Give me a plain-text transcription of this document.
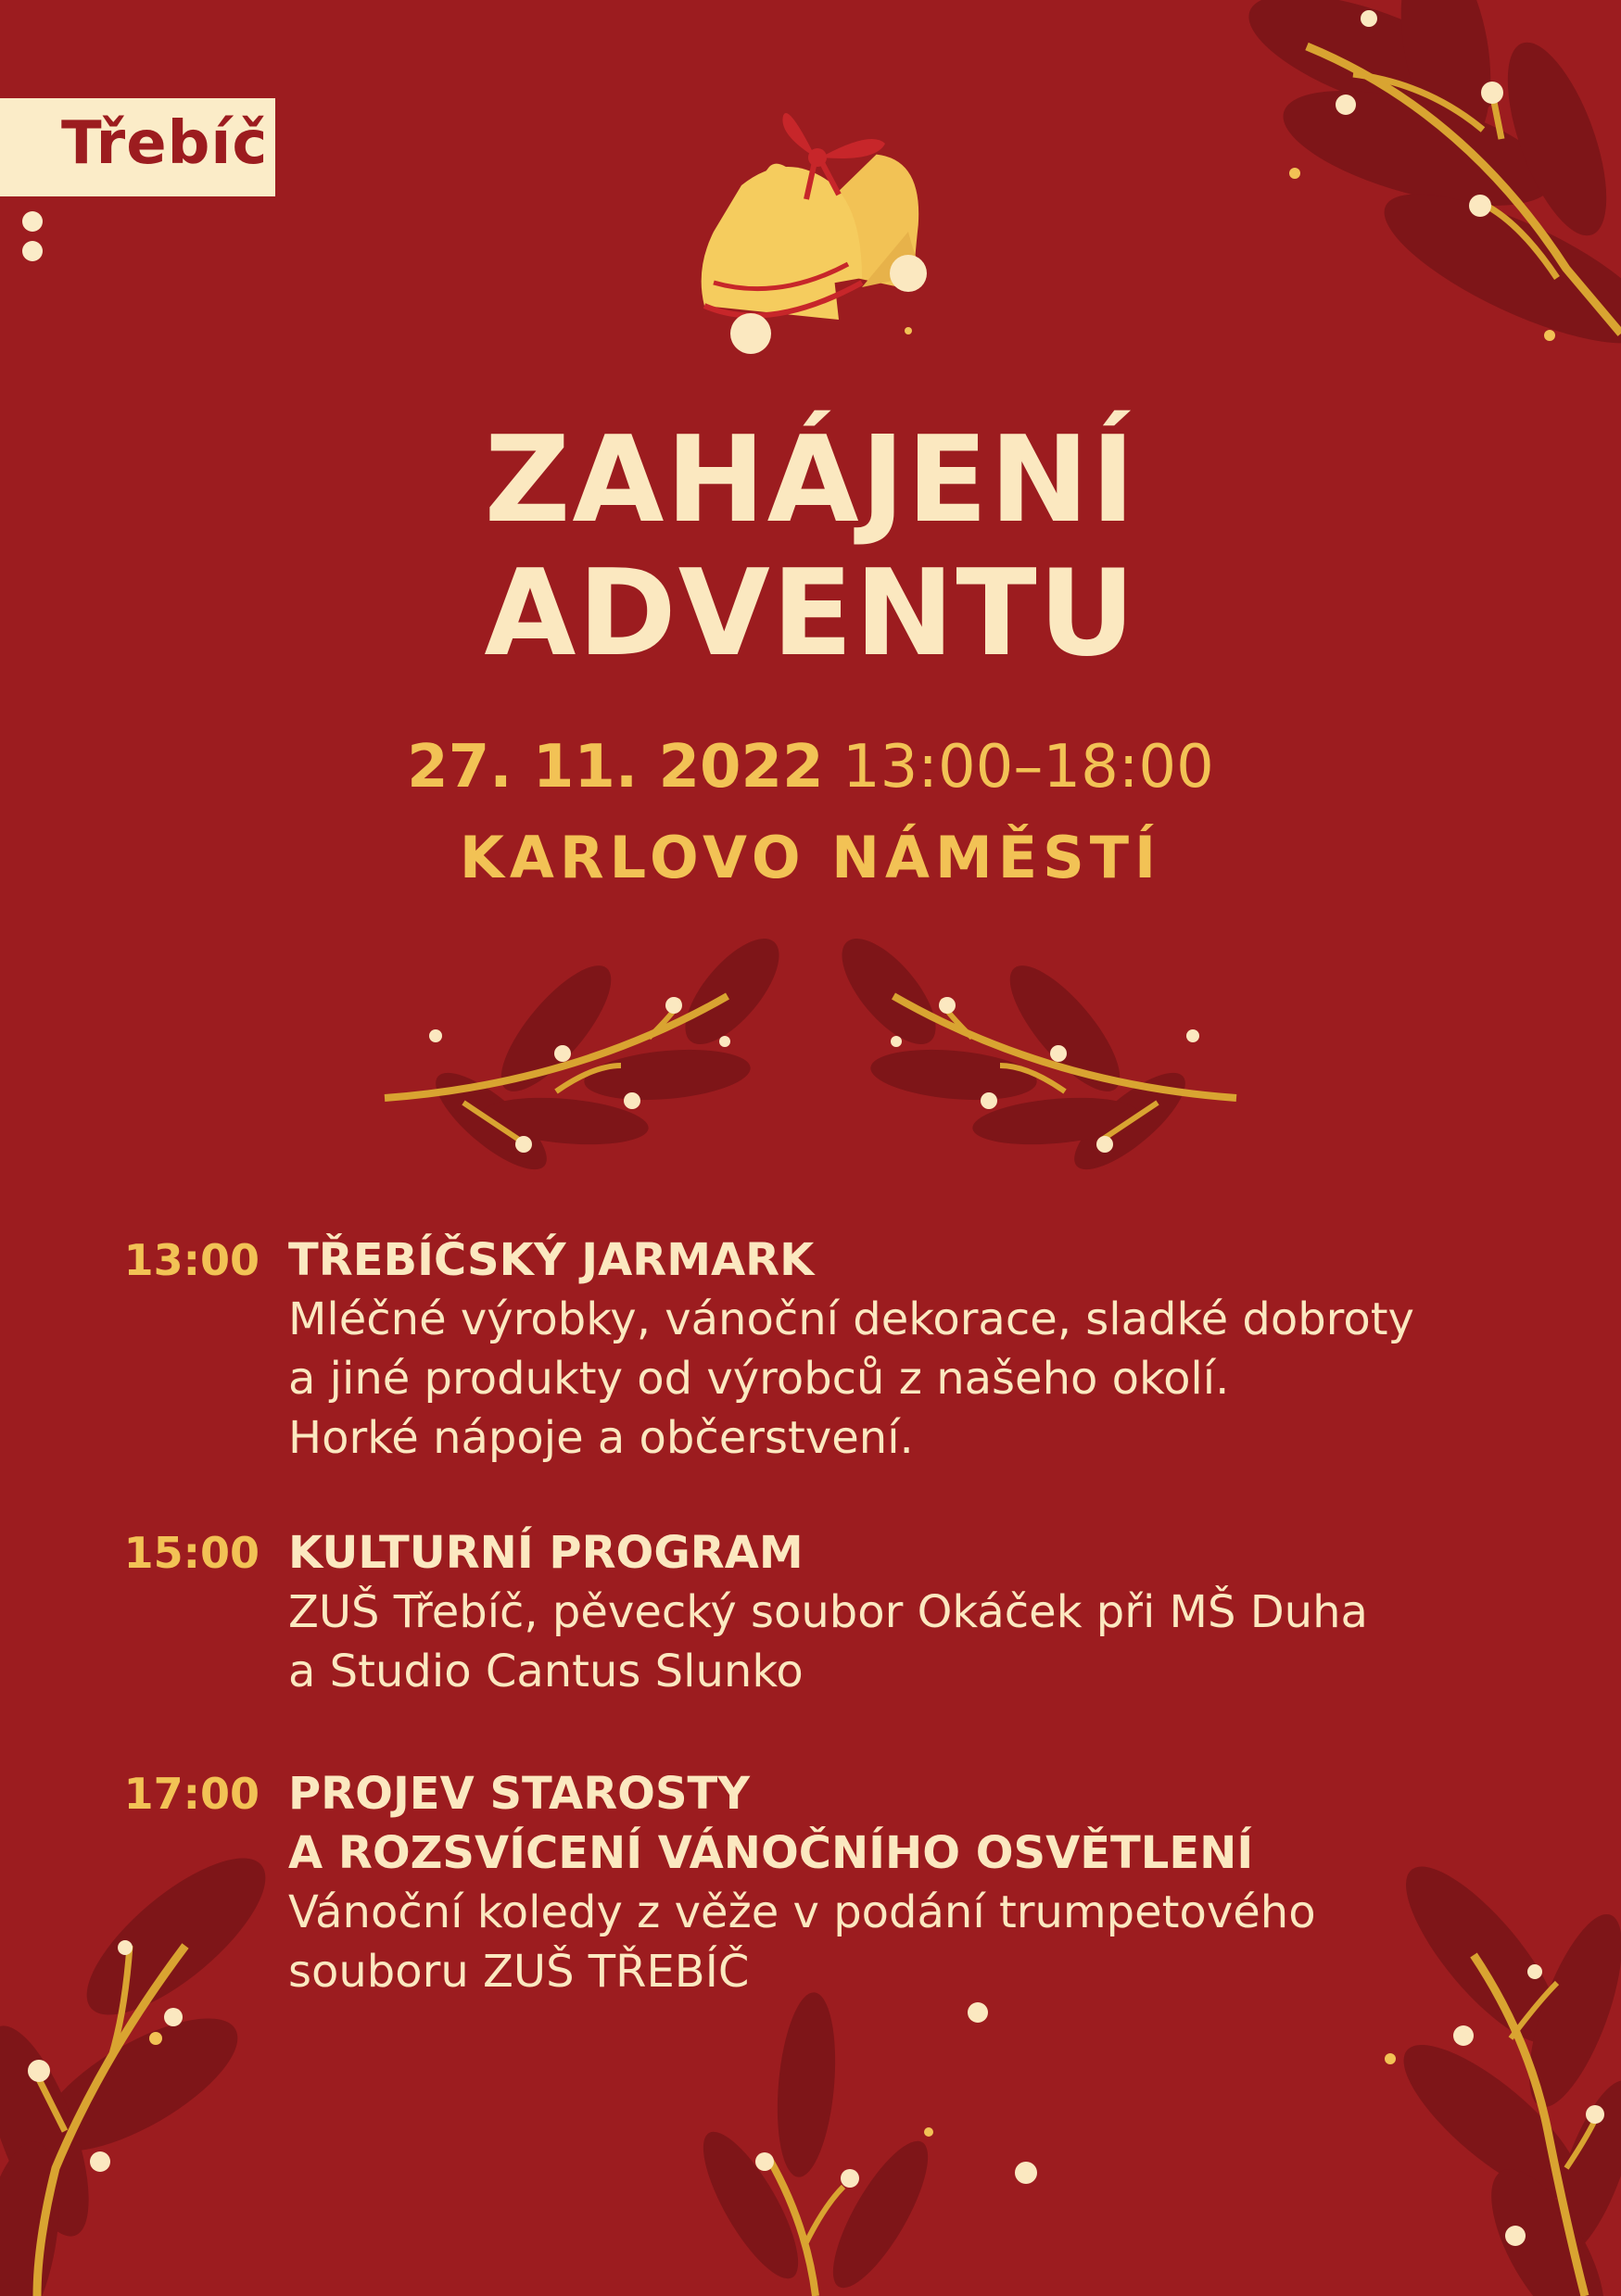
Třebíč
ZAHÁJENÍ
ADVENTU
27. 11. 2022 13:00–18:00
KARLOVO NÁMĚSTÍ
13:00 TŘEBÍČSKÝ JARMARK
Mléčné výrobky, vánoční dekorace, sladké dobroty
a jiné produkty od výrobců z našeho okolí.
Horké nápoje a občerstvení.
15:00 KULTURNÍ PROGRAM
ZUŠ Třebíč, pěvecký soubor Okáček při MŠ Duha
a Studio Cantus Slunko
17:00 PROJEV STAROSTY
A ROZSVÍCENÍ VÁNOČNÍHO OSVĚTLENÍ
Vánoční koledy z věže v podání trumpetového
souboru ZUŠ TŘEBÍČ
